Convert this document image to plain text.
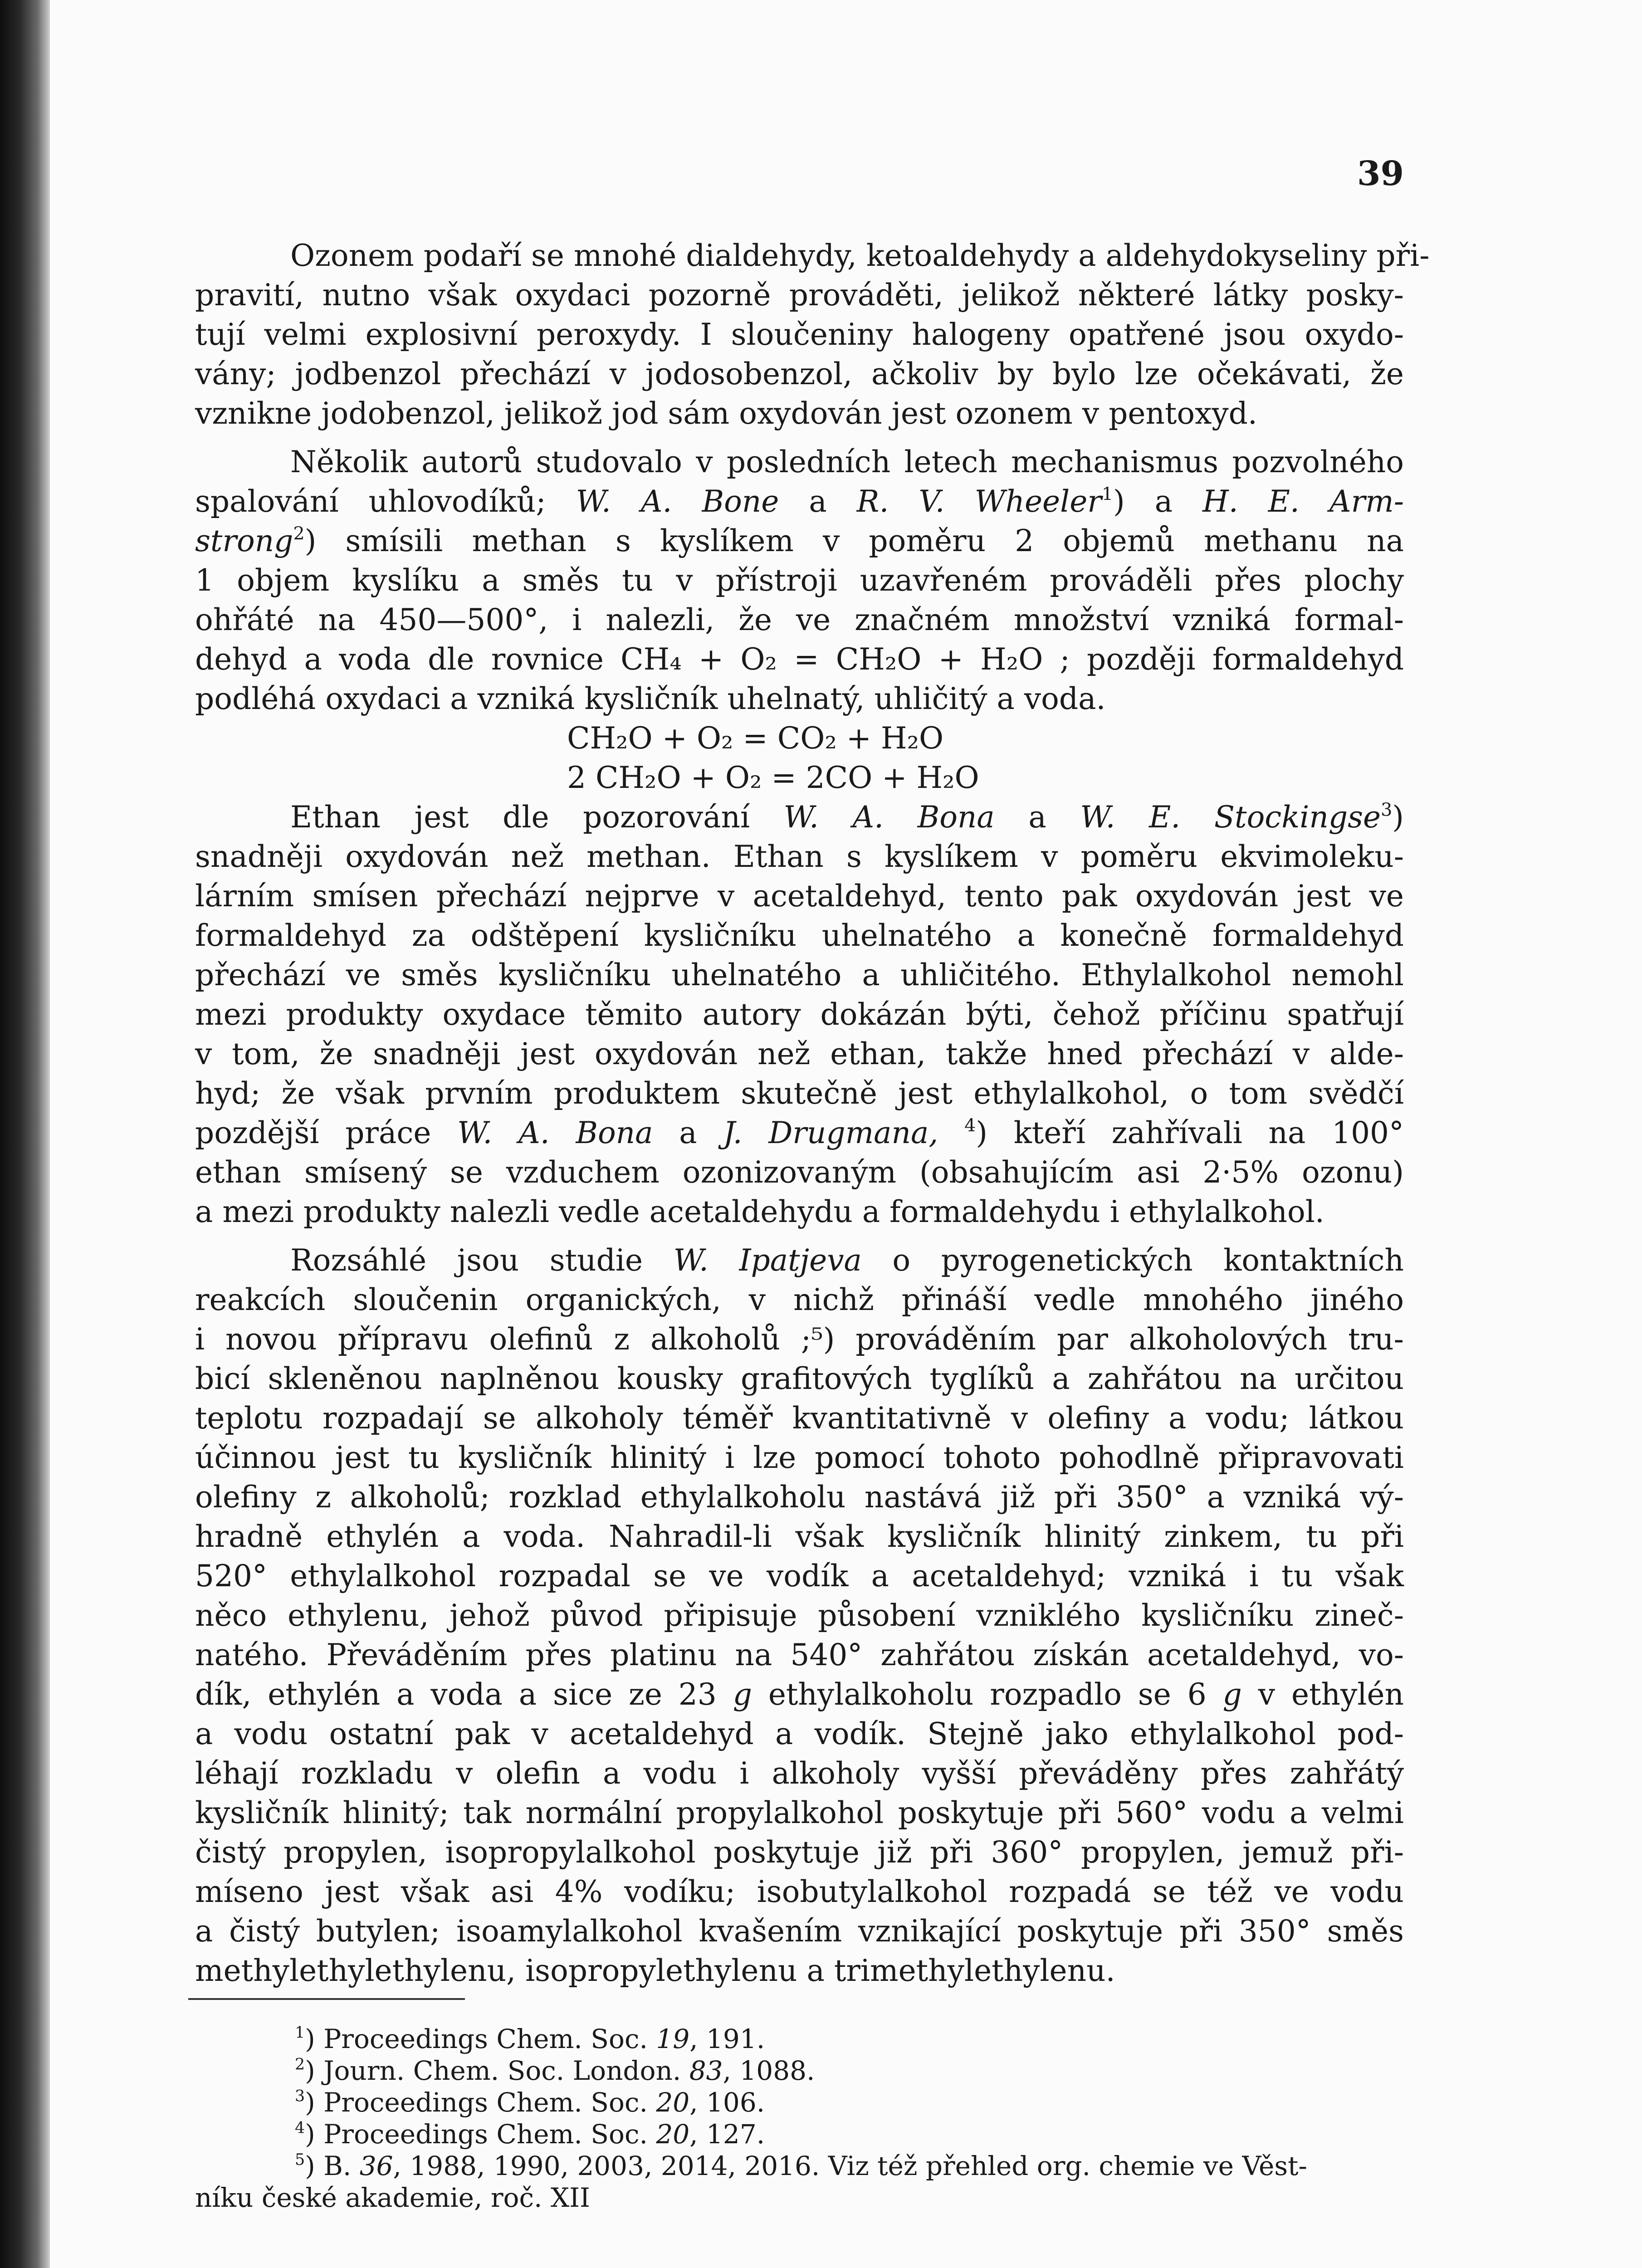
39
Ozonem podaří se mnohé dialdehydy, ketoaldehydy a aldehydokyseliny při-
pravití, nutno však oxydaci pozorně prováděti, jelikož některé látky posky-
tují velmi explosivní peroxydy. I sloučeniny halogeny opatřené jsou oxydo-
vány; jodbenzol přechází v jodosobenzol, ačkoliv by bylo lze očekávati, že
vznikne jodobenzol, jelikož jod sám oxydován jest ozonem v pentoxyd.
Několik autorů studovalo v posledních letech mechanismus pozvolného
spalování uhlovodíků; W. A. Bone a R. V. Wheeler$^1$) a H. E. Arm-
strong$^2$) smísili methan s kyslíkem v poměru 2 objemů methanu na
1 objem kyslíku a směs tu v přístroji uzavřeném prováděli přes plochy
ohřáté na 450—500°, i nalezli, že ve značném množství vzniká formal-
dehyd a voda dle rovnice CH₄ + O₂ = CH₂O + H₂O ; později formaldehyd
podléhá oxydaci a vzniká kysličník uhelnatý, uhličitý a voda.
CH₂O + O₂ = CO₂ + H₂O
2 CH₂O + O₂ = 2CO + H₂O
Ethan jest dle pozorování W. A. Bona a W. E. Stockingse$^3$)
snadněji oxydován než methan. Ethan s kyslíkem v poměru ekvimoleku-
lárním smísen přechází nejprve v acetaldehyd, tento pak oxydován jest ve
formaldehyd za odštěpení kysličníku uhelnatého a konečně formaldehyd
přechází ve směs kysličníku uhelnatého a uhličitého. Ethylalkohol nemohl
mezi produkty oxydace těmito autory dokázán býti, čehož příčinu spatřují
v tom, že snadněji jest oxydován než ethan, takže hned přechází v alde-
hyd; že však prvním produktem skutečně jest ethylalkohol, o tom svědčí
pozdější práce W. A. Bona a J. Drugmana, $^4$) kteří zahřívali na 100°
ethan smísený se vzduchem ozonizovaným (obsahujícím asi 2·5% ozonu)
a mezi produkty nalezli vedle acetaldehydu a formaldehydu i ethylalkohol.
Rozsáhlé jsou studie W. Ipatjeva o pyrogenetických kontaktních
reakcích sloučenin organických, v nichž přináší vedle mnohého jiného
i novou přípravu olefinů z alkoholů ;⁵) prováděním par alkoholových tru-
bicí skleněnou naplněnou kousky grafitových tyglíků a zahřátou na určitou
teplotu rozpadají se alkoholy téměř kvantitativně v olefiny a vodu; látkou
účinnou jest tu kysličník hlinitý i lze pomocí tohoto pohodlně připravovati
olefiny z alkoholů; rozklad ethylalkoholu nastává již při 350° a vzniká vý-
hradně ethylén a voda. Nahradil-li však kysličník hlinitý zinkem, tu při
520° ethylalkohol rozpadal se ve vodík a acetaldehyd; vzniká i tu však
něco ethylenu, jehož původ připisuje působení vzniklého kysličníku zineč-
natého. Převáděním přes platinu na 540° zahřátou získán acetaldehyd, vo-
dík, ethylén a voda a sice ze 23 g ethylalkoholu rozpadlo se 6 g v ethylén
a vodu ostatní pak v acetaldehyd a vodík. Stejně jako ethylalkohol pod-
léhají rozkladu v olefin a vodu i alkoholy vyšší převáděny přes zahřátý
kysličník hlinitý; tak normální propylalkohol poskytuje při 560° vodu a velmi
čistý propylen, isopropylalkohol poskytuje již při 360° propylen, jemuž při-
míseno jest však asi 4% vodíku; isobutylalkohol rozpadá se též ve vodu
a čistý butylen; isoamylalkohol kvašením vznikající poskytuje při 350° směs
methylethylethylenu, isopropylethylenu a trimethylethylenu.
$^1$) Proceedings Chem. Soc. 19, 191.
$^2$) Journ. Chem. Soc. London. 83, 1088.
$^3$) Proceedings Chem. Soc. 20, 106.
$^4$) Proceedings Chem. Soc. 20, 127.
$^5$) B. 36, 1988, 1990, 2003, 2014, 2016. Viz též přehled org. chemie ve Věst-
níku české akademie, roč. XII
